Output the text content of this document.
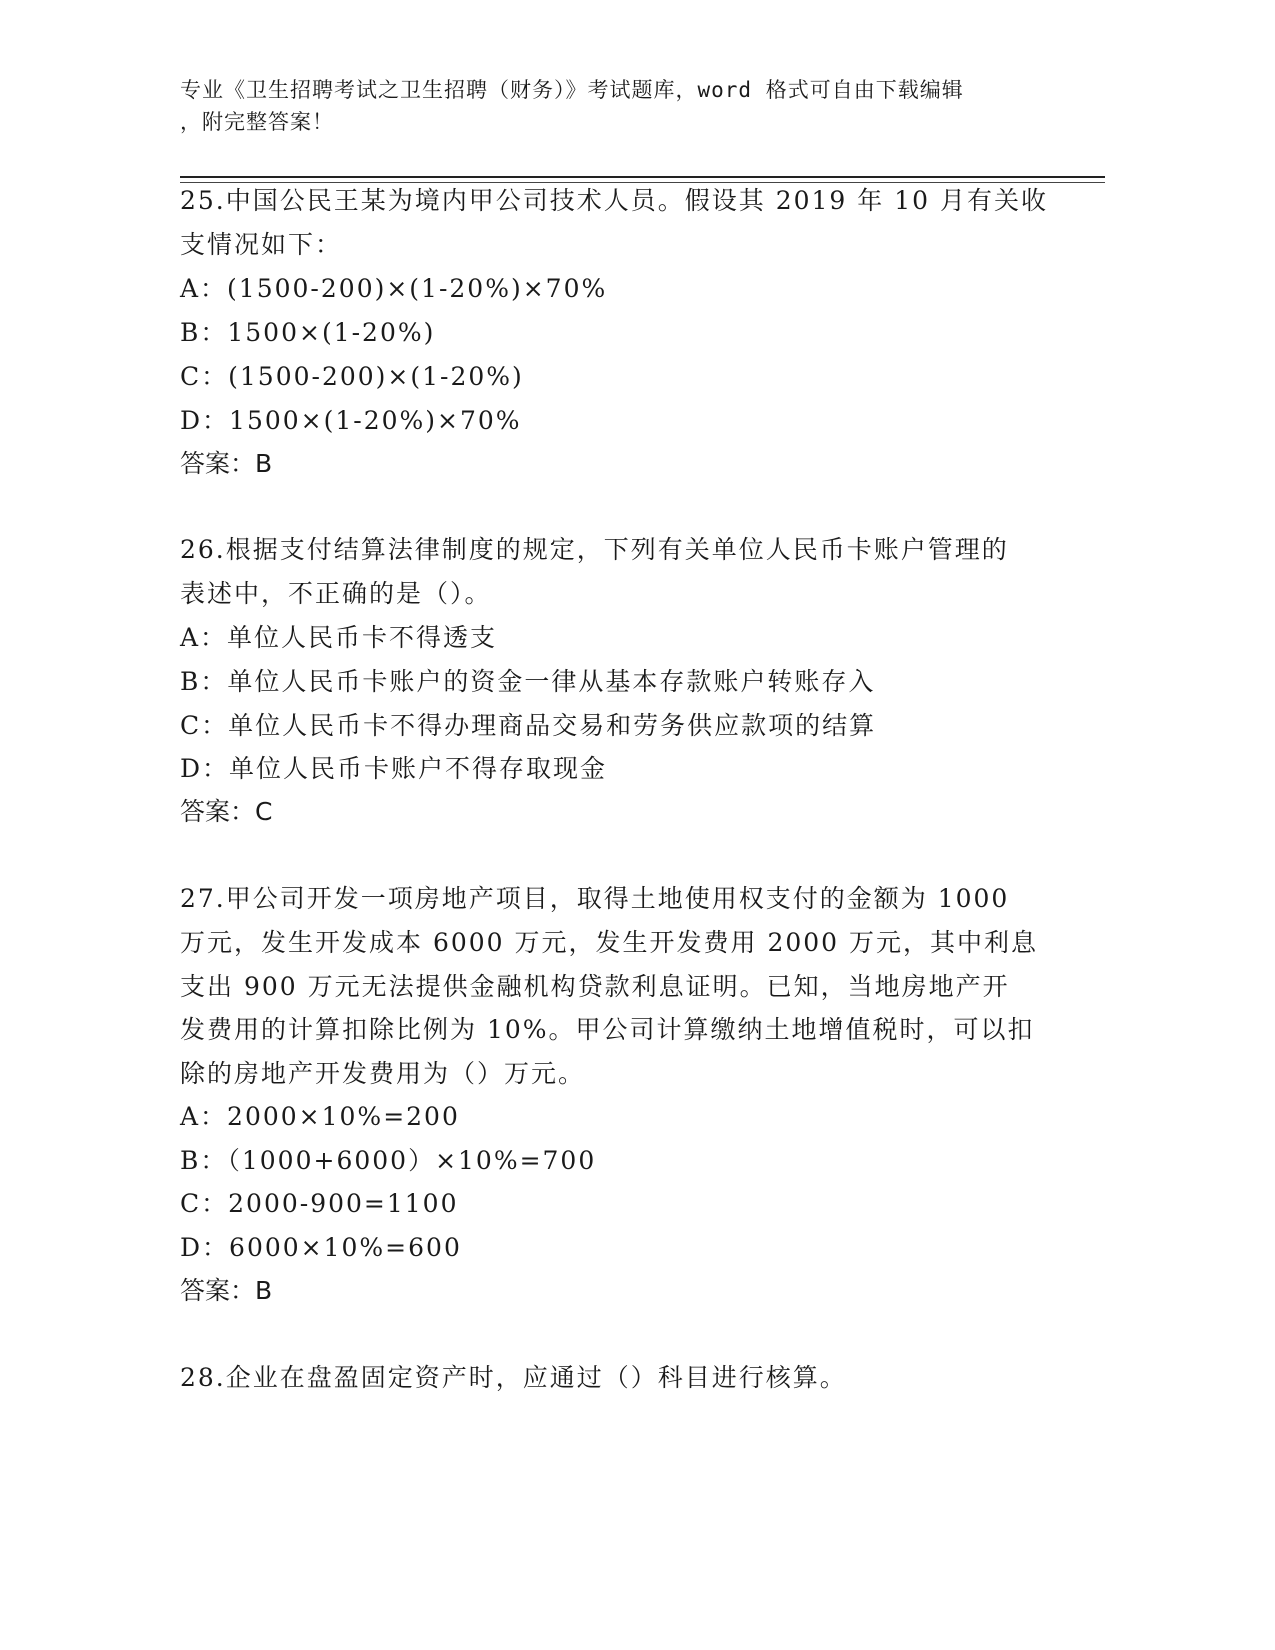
专业《卫生招聘考试之卫生招聘（财务）》考试题库，word 格式可自由下载编辑
，附完整答案！
25.中国公民王某为境内甲公司技术人员。假设其 2019 年 10 月有关收
支情况如下：
A：(1500-200)×(1-20%)×70%
B：1500×(1-20%)
C：(1500-200)×(1-20%)
D：1500×(1-20%)×70%
答案：B
26.根据支付结算法律制度的规定，下列有关单位人民币卡账户管理的
表述中，不正确的是（）。
A：单位人民币卡不得透支
B：单位人民币卡账户的资金一律从基本存款账户转账存入
C：单位人民币卡不得办理商品交易和劳务供应款项的结算
D：单位人民币卡账户不得存取现金
答案：C
27.甲公司开发一项房地产项目，取得土地使用权支付的金额为 1000
万元，发生开发成本 6000 万元，发生开发费用 2000 万元，其中利息
支出 900 万元无法提供金融机构贷款利息证明。已知，当地房地产开
发费用的计算扣除比例为 10%。甲公司计算缴纳土地增值税时，可以扣
除的房地产开发费用为（）万元。
A：2000×10%=200
B：（1000+6000）×10%=700
C：2000-900=1100
D：6000×10%=600
答案：B
28.企业在盘盈固定资产时，应通过（）科目进行核算。
